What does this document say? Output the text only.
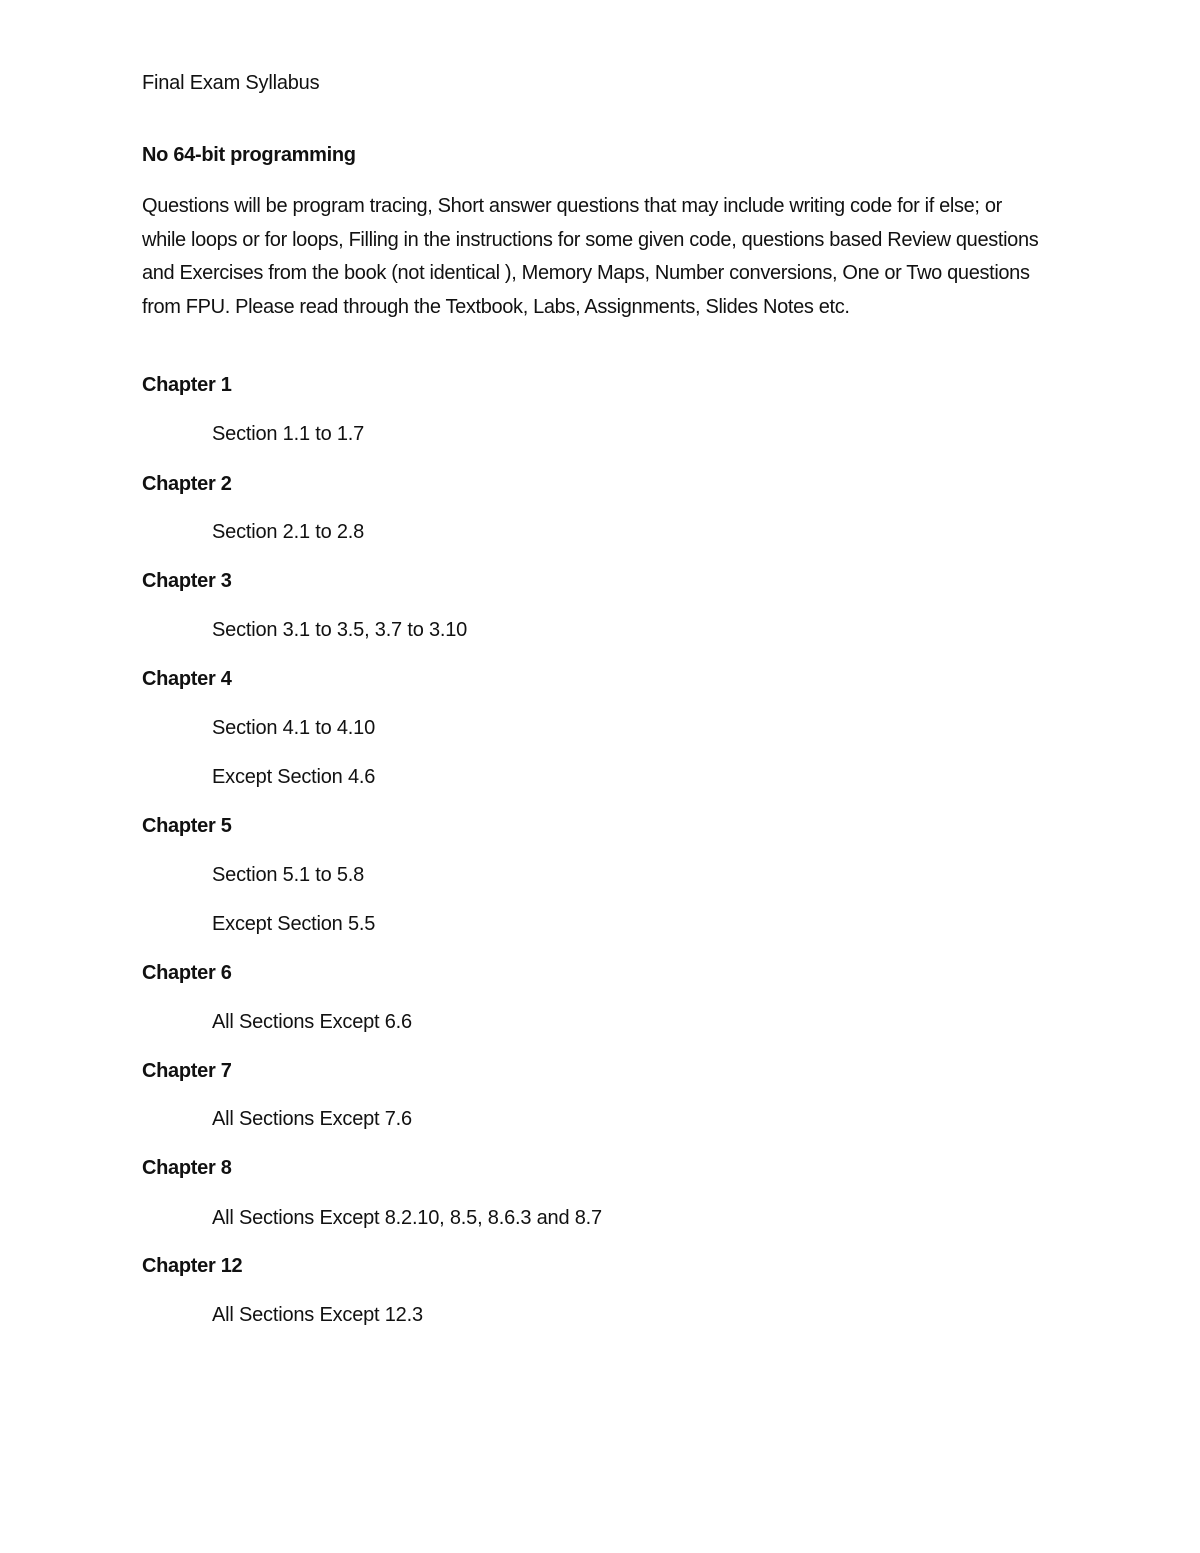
Final Exam Syllabus
No 64-bit programming

Questions will be program tracing, Short answer questions that may include writing code for if else; or while loops or for loops, Filling in the instructions for some given code, questions based Review questions and Exercises from the book (not identical ), Memory Maps, Number conversions, One or Two questions from FPU. Please read through the Textbook, Labs, Assignments, Slides Notes etc.

Chapter 1
Section 1.1 to 1.7
Chapter 2
Section 2.1 to 2.8
Chapter 3
Section 3.1 to 3.5, 3.7 to 3.10
Chapter 4
Section 4.1 to 4.10
Except Section 4.6
Chapter 5
Section 5.1 to 5.8
Except Section 5.5
Chapter 6
All Sections Except 6.6
Chapter 7
All Sections Except 7.6
Chapter 8
All Sections Except 8.2.10, 8.5, 8.6.3 and 8.7
Chapter 12
All Sections Except 12.3
